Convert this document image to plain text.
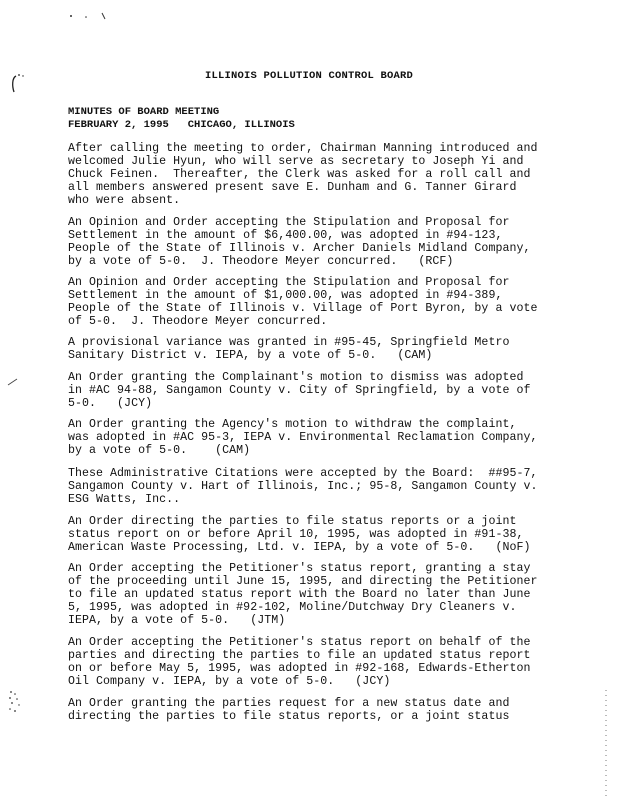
ILLINOIS POLLUTION CONTROL BOARD
MINUTES OF BOARD MEETING
FEBRUARY 2, 1995   CHICAGO, ILLINOIS

After calling the meeting to order, Chairman Manning introduced and

welcomed Julie Hyun, who will serve as secretary to Joseph Yi and

Chuck Feinen.  Thereafter, the Clerk was asked for a roll call and

all members answered present save E. Dunham and G. Tanner Girard

who were absent.

An Opinion and Order accepting the Stipulation and Proposal for

Settlement in the amount of $6,400.00, was adopted in #94-123,

People of the State of Illinois v. Archer Daniels Midland Company,

by a vote of 5-0.  J. Theodore Meyer concurred.   (RCF)

An Opinion and Order accepting the Stipulation and Proposal for

Settlement in the amount of $1,000.00, was adopted in #94-389,

People of the State of Illinois v. Village of Port Byron, by a vote

of 5-0.  J. Theodore Meyer concurred.

A provisional variance was granted in #95-45, Springfield Metro

Sanitary District v. IEPA, by a vote of 5-0.   (CAM)

An Order granting the Complainant's motion to dismiss was adopted

in #AC 94-88, Sangamon County v. City of Springfield, by a vote of

5-0.   (JCY)

An Order granting the Agency's motion to withdraw the complaint,

was adopted in #AC 95-3, IEPA v. Environmental Reclamation Company,

by a vote of 5-0.    (CAM)

These Administrative Citations were accepted by the Board:  ##95-7,

Sangamon County v. Hart of Illinois, Inc.; 95-8, Sangamon County v.

ESG Watts, Inc..

An Order directing the parties to file status reports or a joint

status report on or before April 10, 1995, was adopted in #91-38,

American Waste Processing, Ltd. v. IEPA, by a vote of 5-0.   (NoF)

An Order accepting the Petitioner's status report, granting a stay

of the proceeding until June 15, 1995, and directing the Petitioner

to file an updated status report with the Board no later than June

5, 1995, was adopted in #92-102, Moline/Dutchway Dry Cleaners v.

IEPA, by a vote of 5-0.   (JTM)

An Order accepting the Petitioner's status report on behalf of the

parties and directing the parties to file an updated status report

on or before May 5, 1995, was adopted in #92-168, Edwards-Etherton

Oil Company v. IEPA, by a vote of 5-0.   (JCY)

An Order granting the parties request for a new status date and

directing the parties to file status reports, or a joint status
